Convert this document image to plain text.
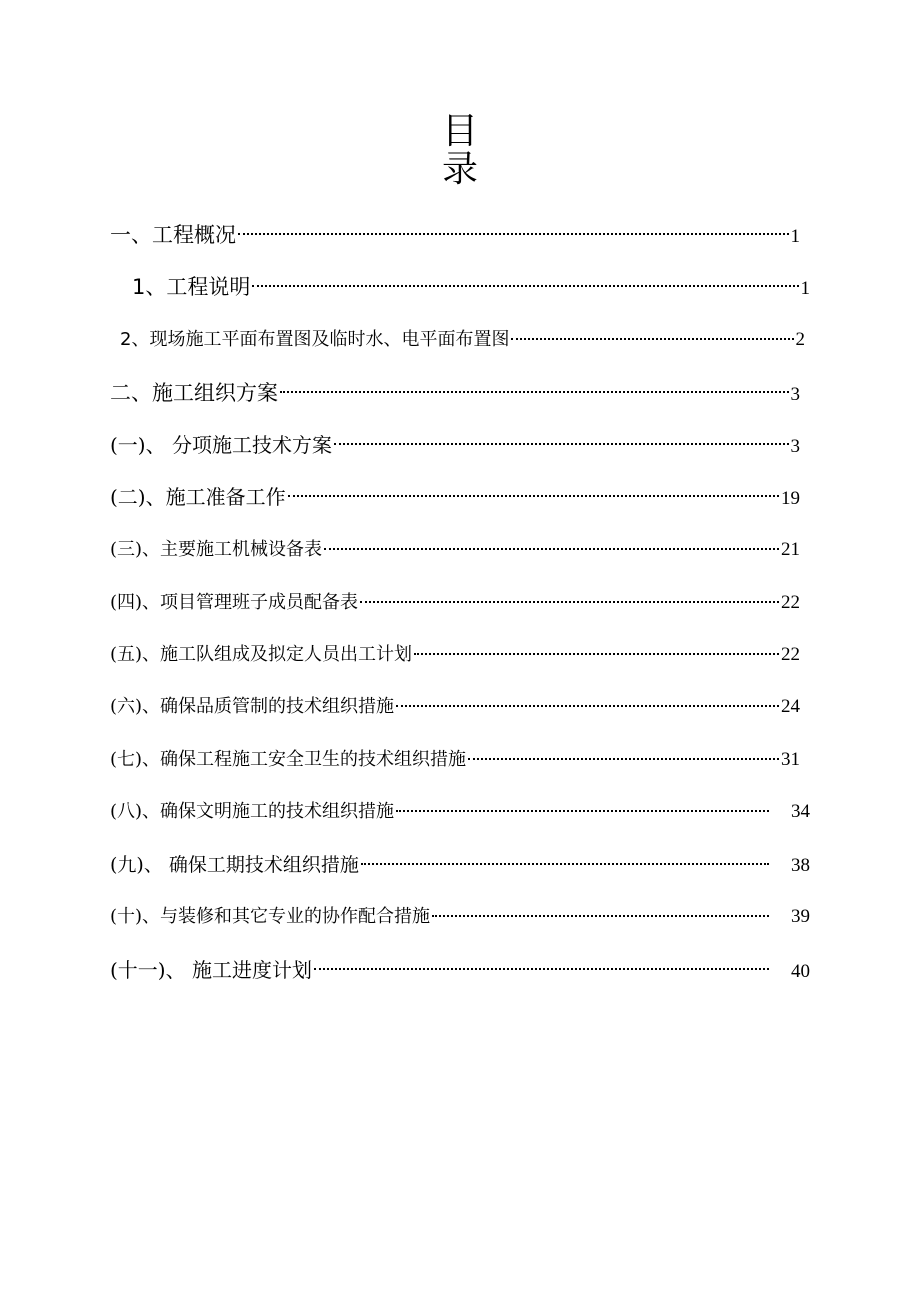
目
录
一、工程概况	1
1、工程说明	1
2、现场施工平面布置图及临时水、电平面布置图	2
二、施工组织方案	3
(一)、 分项施工技术方案	3
(二)、施工准备工作	19
(三)、主要施工机械设备表	21
(四)、项目管理班子成员配备表	22
(五)、施工队组成及拟定人员出工计划	22
(六)、确保品质管制的技术组织措施	24
(七)、确保工程施工安全卫生的技术组织措施	31
(八)、确保文明施工的技术组织措施	34
(九)、 确保工期技术组织措施	38
(十)、与装修和其它专业的协作配合措施	39
(十一)、 施工进度计划	40
